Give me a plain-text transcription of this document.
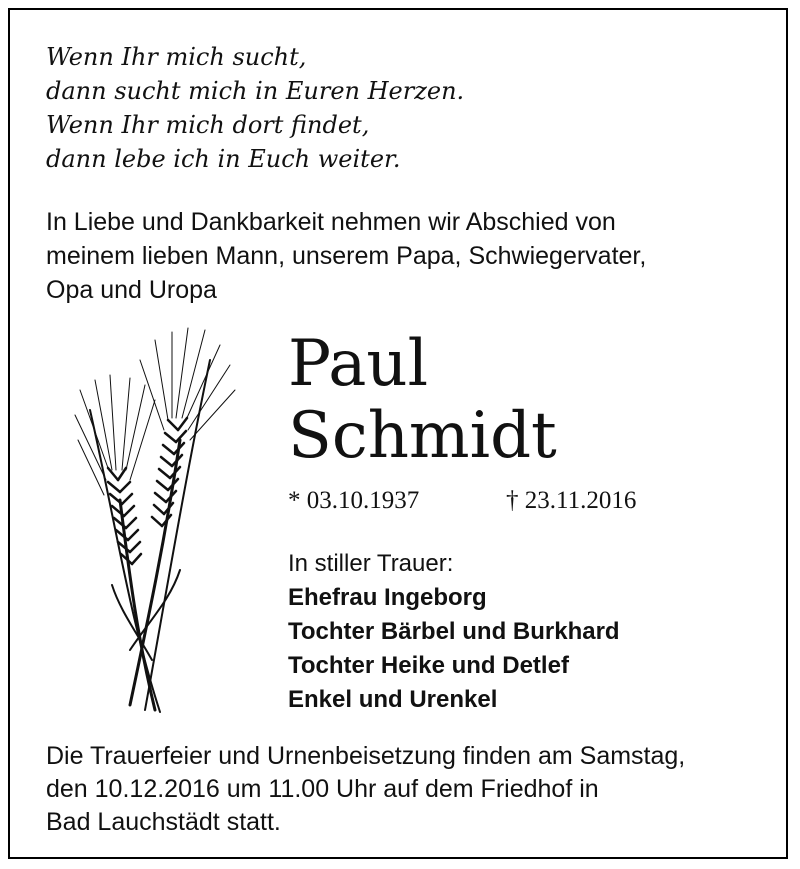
Wenn Ihr mich sucht,
dann sucht mich in Euren Herzen.
Wenn Ihr mich dort findet,
dann lebe ich in Euch weiter.
In Liebe und Dankbarkeit nehmen wir Abschied von
meinem lieben Mann, unserem Papa, Schwiegervater,
Opa und Uropa
Paul
Schmidt
* 03.10.1937	† 23.11.2016
In stiller Trauer:
Ehefrau Ingeborg
Tochter Bärbel und Burkhard
Tochter Heike und Detlef
Enkel und Urenkel
Die Trauerfeier und Urnenbeisetzung finden am Samstag,
den 10.12.2016 um 11.00 Uhr auf dem Friedhof in
Bad Lauchstädt statt.
